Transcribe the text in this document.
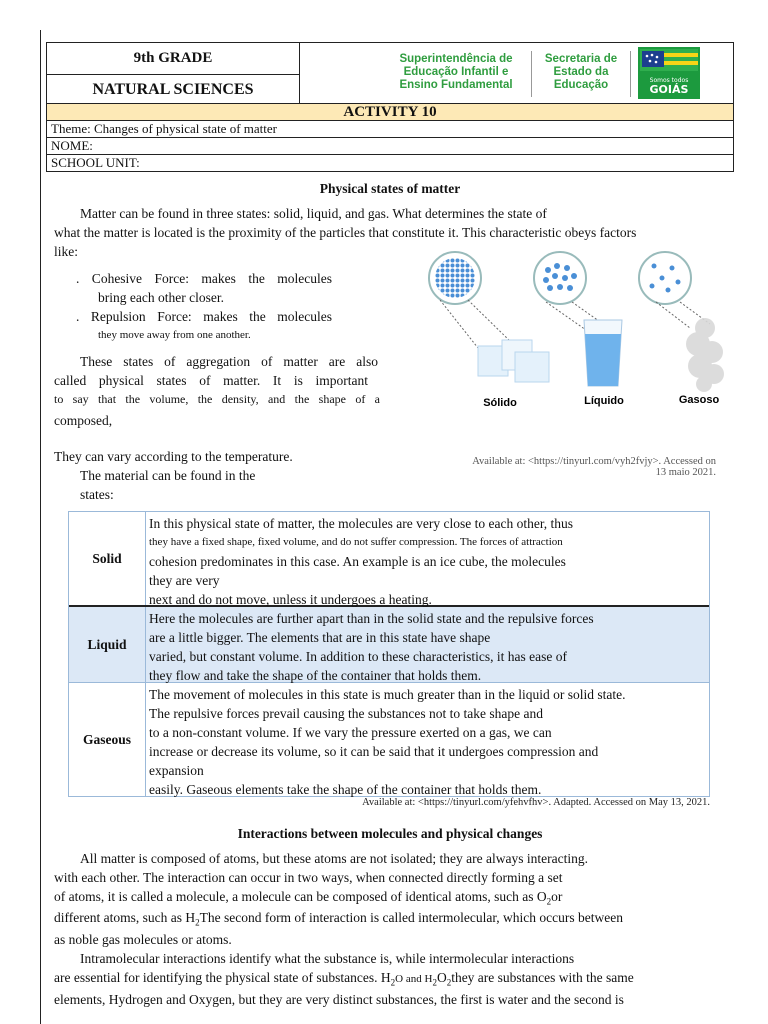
9th GRADE
NATURAL SCIENCES
Superintendência de
Educação Infantil e
Ensino Fundamental
Secretaria de
Estado da
Educação	Somos todos
GOIÁS
ACTIVITY 10
Theme: Changes of physical state of matter
NOME:
SCHOOL UNIT:
Physical states of matter
Matter can be found in three states: solid, liquid, and gas. What determines the state of
what the matter is located is the proximity of the particles that constitute it. This characteristic obeys factors
like:
. Cohesive Force: makes the molecules
bring each other closer.
. Repulsion Force: makes the molecules
they move away from one another.
These states of aggregation of matter are also
called physical states of matter. It is important
to say that the volume, the density, and the shape of a
composed,
They can vary according to the temperature.
The material can be found in the
states:
Sólido	Líquido	Gasoso
Available at: <https://tinyurl.com/vyh2fvjy>. Accessed on
13 maio 2021.
Solid
In this physical state of matter, the molecules are very close to each other, thus
they have a fixed shape, fixed volume, and do not suffer compression. The forces of attraction
cohesion predominates in this case. An example is an ice cube, the molecules
they are very
next and do not move, unless it undergoes a heating.
Liquid
Here the molecules are further apart than in the solid state and the repulsive forces
are a little bigger. The elements that are in this state have shape
varied, but constant volume. In addition to these characteristics, it has ease of
they flow and take the shape of the container that holds them.
Gaseous
The movement of molecules in this state is much greater than in the liquid or solid state.
The repulsive forces prevail causing the substances not to take shape and
to a non-constant volume. If we vary the pressure exerted on a gas, we can
increase or decrease its volume, so it can be said that it undergoes compression and
expansion
easily. Gaseous elements take the shape of the container that holds them.
Available at: <https://tinyurl.com/yfehvfhv>. Adapted. Accessed on May 13, 2021.
Interactions between molecules and physical changes
All matter is composed of atoms, but these atoms are not isolated; they are always interacting.
with each other. The interaction can occur in two ways, when connected directly forming a set
of atoms, it is called a molecule, a molecule can be composed of identical atoms, such as $O_2or$
different atoms, such as $H_2The$ second form of interaction is called intermolecular, which occurs between
as noble gas molecules or atoms.
Intramolecular interactions identify what the substance is, while intermolecular interactions
are essential for identifying the physical state of substances. $H_2O$ and $H_2O_2they$ are substances with the same
elements, Hydrogen and Oxygen, but they are very distinct substances, the first is water and the second is
